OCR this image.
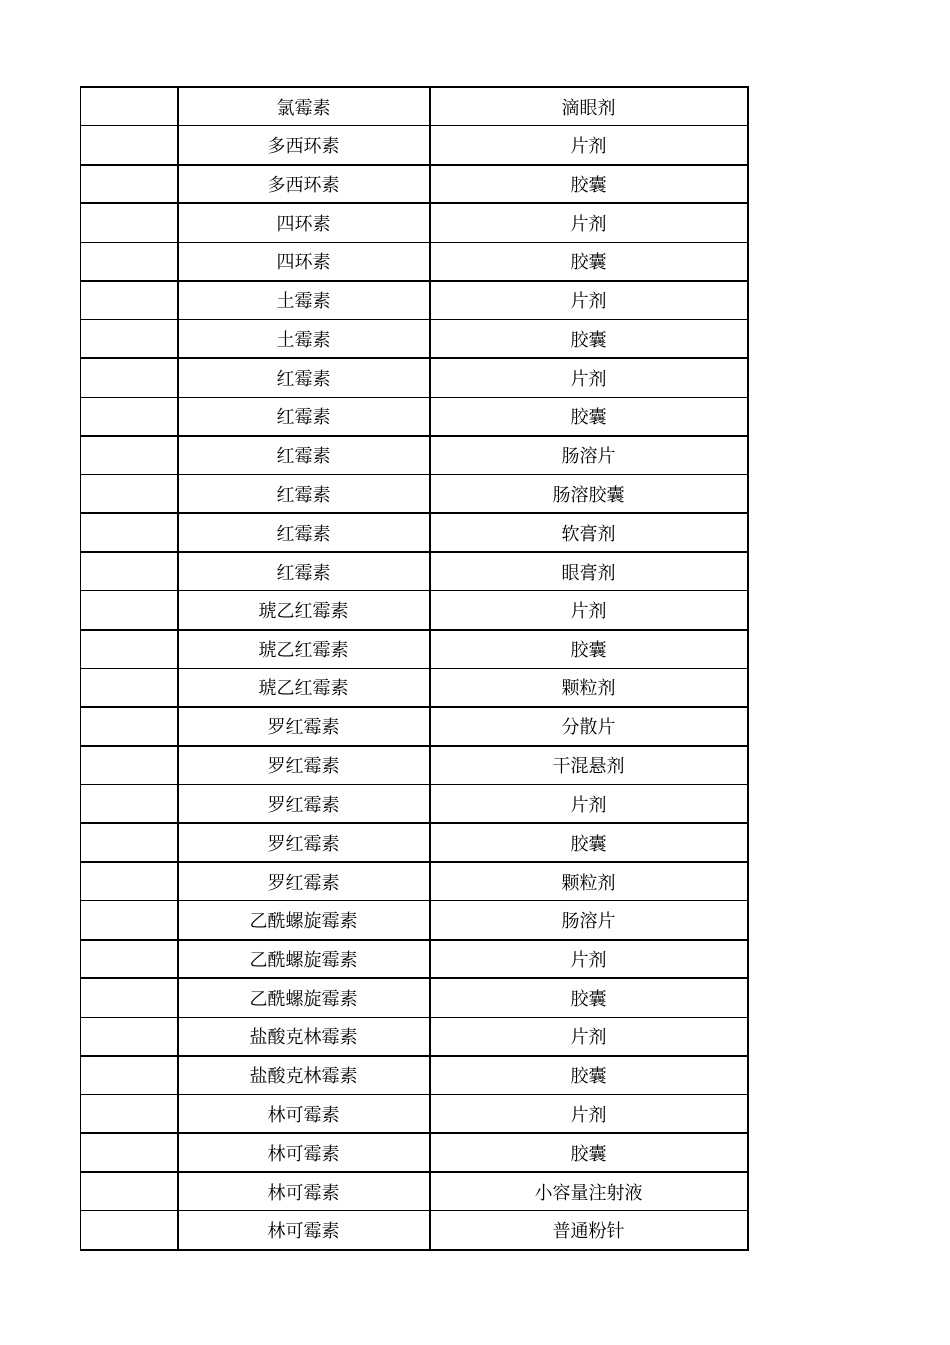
	氯霉素	滴眼剂
	多西环素	片剂
	多西环素	胶囊
	四环素	片剂
	四环素	胶囊
	土霉素	片剂
	土霉素	胶囊
	红霉素	片剂
	红霉素	胶囊
	红霉素	肠溶片
	红霉素	肠溶胶囊
	红霉素	软膏剂
	红霉素	眼膏剂
	琥乙红霉素	片剂
	琥乙红霉素	胶囊
	琥乙红霉素	颗粒剂
	罗红霉素	分散片
	罗红霉素	干混悬剂
	罗红霉素	片剂
	罗红霉素	胶囊
	罗红霉素	颗粒剂
	乙酰螺旋霉素	肠溶片
	乙酰螺旋霉素	片剂
	乙酰螺旋霉素	胶囊
	盐酸克林霉素	片剂
	盐酸克林霉素	胶囊
	林可霉素	片剂
	林可霉素	胶囊
	林可霉素	小容量注射液
	林可霉素	普通粉针
